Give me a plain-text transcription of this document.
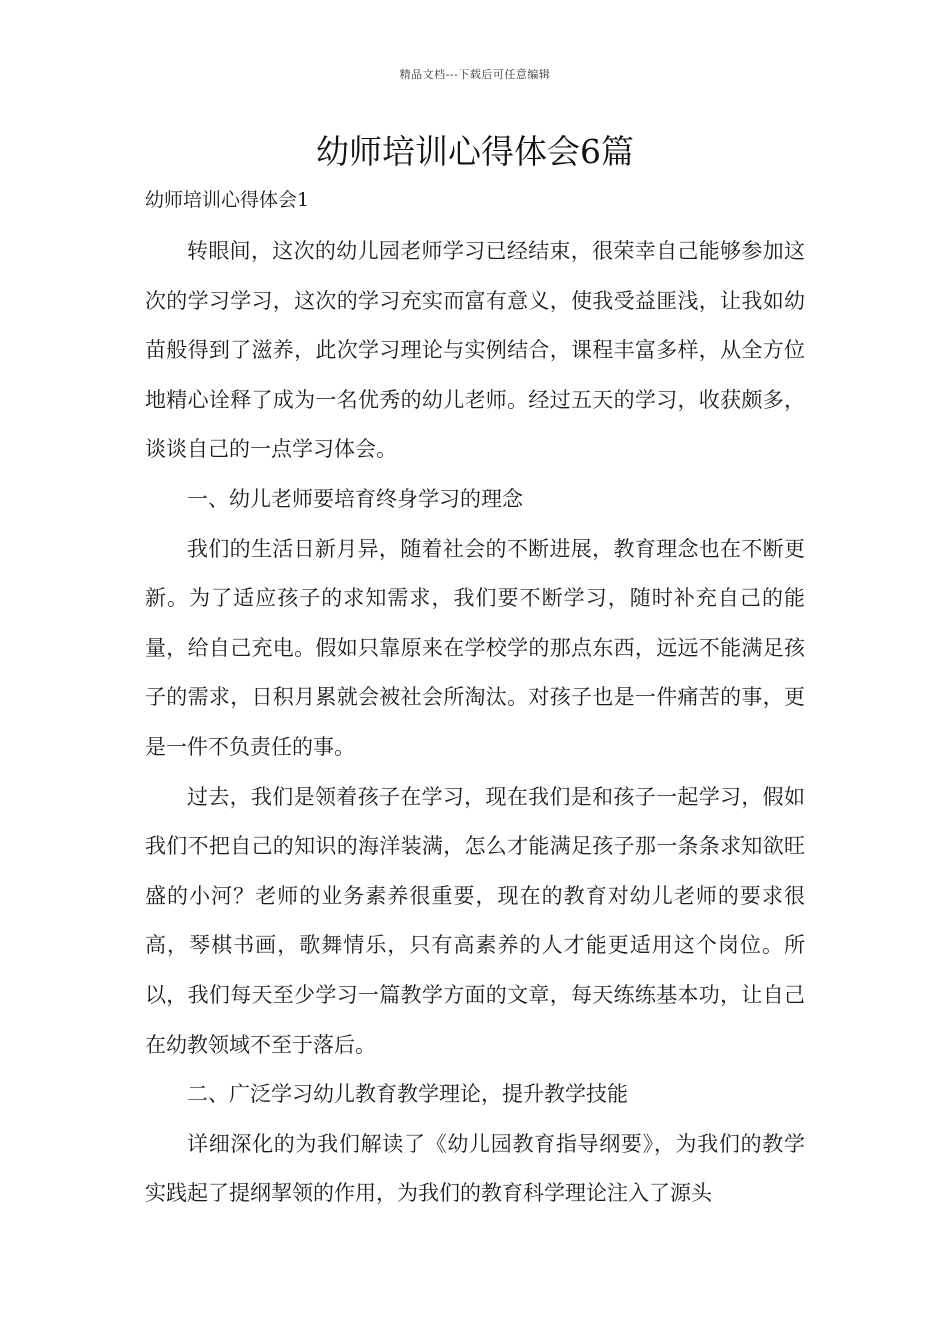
精品文档---下载后可任意编辑
幼师培训心得体会6篇

幼师培训心得体会1

转眼间，这次的幼儿园老师学习已经结束，很荣幸自己能够参加这次的学习学习，这次的学习充实而富有意义，使我受益匪浅，让我如幼苗般得到了滋养，此次学习理论与实例结合，课程丰富多样，从全方位地精心诠释了成为一名优秀的幼儿老师。经过五天的学习，收获颇多，谈谈自己的一点学习体会。

一、幼儿老师要培育终身学习的理念

我们的生活日新月异，随着社会的不断进展，教育理念也在不断更新。为了适应孩子的求知需求，我们要不断学习，随时补充自己的能量，给自己充电。假如只靠原来在学校学的那点东西，远远不能满足孩子的需求，日积月累就会被社会所淘汰。对孩子也是一件痛苦的事，更是一件不负责任的事。

过去，我们是领着孩子在学习，现在我们是和孩子一起学习，假如我们不把自己的知识的海洋装满，怎么才能满足孩子那一条条求知欲旺盛的小河？老师的业务素养很重要，现在的教育对幼儿老师的要求很高，琴棋书画，歌舞情乐，只有高素养的人才能更适用这个岗位。所以，我们每天至少学习一篇教学方面的文章，每天练练基本功，让自己在幼教领域不至于落后。

二、广泛学习幼儿教育教学理论，提升教学技能

详细深化的为我们解读了《幼儿园教育指导纲要》，为我们的教学实践起了提纲挈领的作用，为我们的教育科学理论注入了源头
